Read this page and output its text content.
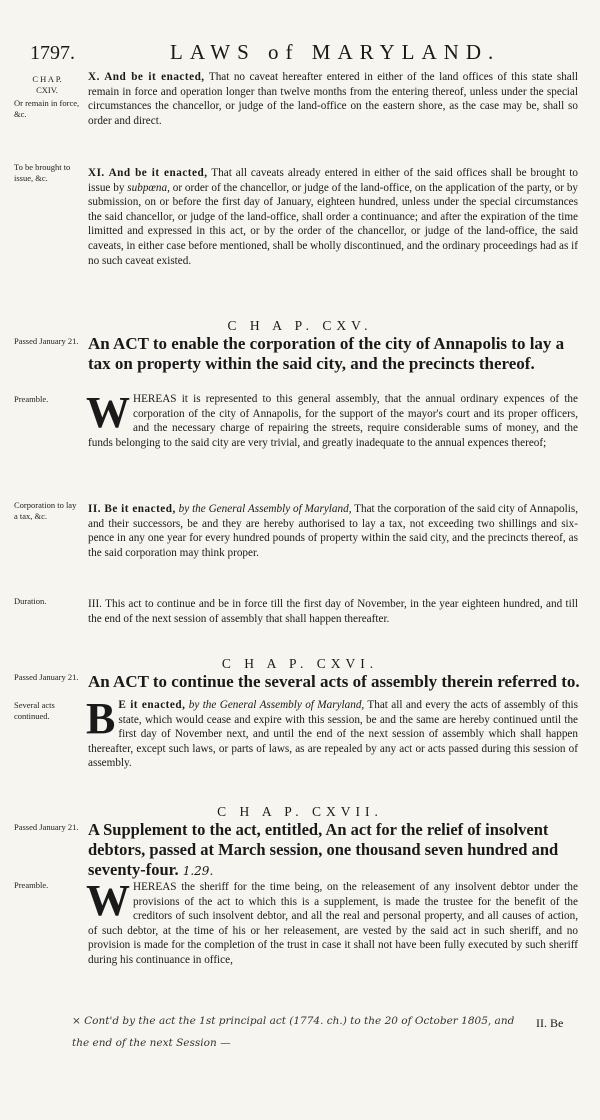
1797.	LAWS of MARYLAND.
C H A P.
CXIV.
Or remain in force, &c.
X. And be it enacted, That no caveat hereafter entered in either of the land offices of this state shall remain in force and operation longer than twelve months from the entering thereof, unless under the special circumstances the chancellor, or judge of the land-office on the eastern shore, as the case may be, shall so order and direct.
To be brought to issue, &c.	XI. And be it enacted, That all caveats already entered in either of the said offices shall be brought to issue by subpœna, or order of the chancellor, or judge of the land-office, on the application of the party, or by submission, on or before the first day of January, eighteen hundred, unless under the special circumstances the said chancellor, or judge of the land-office, shall order a continuance; and after the expiration of the time limitted and expressed in this act, or by the order of the chancellor, or judge of the land-office, the said caveats, in either case before mentioned, shall be wholly discontinued, and the ordinary proceedings had as if no such caveat existed.
C H A P. CXV.
Passed January 21. An ACT to enable the corporation of the city of Annapolis to lay a tax on property within the said city, and the precincts thereof.
Preamble. WHEREAS it is represented to this general assembly, that the annual ordinary expences of the corporation of the city of Annapolis, for the support of the mayor's court and its proper officers, and the necessary charge of repairing the streets, require considerable sums of money, and the funds belonging to the said city are very trivial, and greatly inadequate to the annual expences thereof;
Corporation to lay a tax, &c.
II. Be it enacted, by the General Assembly of Maryland, That the corporation of the said city of Annapolis, and their successors, be and they are hereby authorised to lay a tax, not exceeding two shillings and six-pence in any one year for every hundred pounds of property within the said city, and the precincts thereof, as the said corporation may think proper.
Duration.	III. This act to continue and be in force till the first day of November, in the year eighteen hundred, and till the end of the next session of assembly that shall happen thereafter.
C H A P. CXVI.
Passed January 21. An ACT to continue the several acts of assembly therein referred to.
Several acts continued. B E it enacted, by the General Assembly of Maryland, That all and every the acts of assembly of this state, which would cease and expire with this session, be and the same are hereby continued until the first day of November next, and until the end of the next session of assembly which shall happen thereafter, except such laws, or parts of laws, as are repealed by any act or acts passed during this session of assembly.
C H A P. CXVII.
Passed January 21. A Supplement to the act, entitled, An act for the relief of insolvent debtors, passed at March session, one thousand seven hundred and seventy-four. 1.29.
Preamble. WHEREAS the sheriff for the time being, on the releasement of any insolvent debtor under the provisions of the act to which this is a supplement, is made the trustee for the benefit of the creditors of such insolvent debtor, and all the real and personal property, and all causes of action, of such debtor, at the time of his or her releasement, are vested by the said act in such sheriff, and no provision is made for the completion of the trust in case it shall not have been fully executed by such sheriff during his continuance in office,
× Cont'd by the act the 1st principal act (1774. ch.) to the 20 of October 1805, and the end of the next Session —
II. Be
